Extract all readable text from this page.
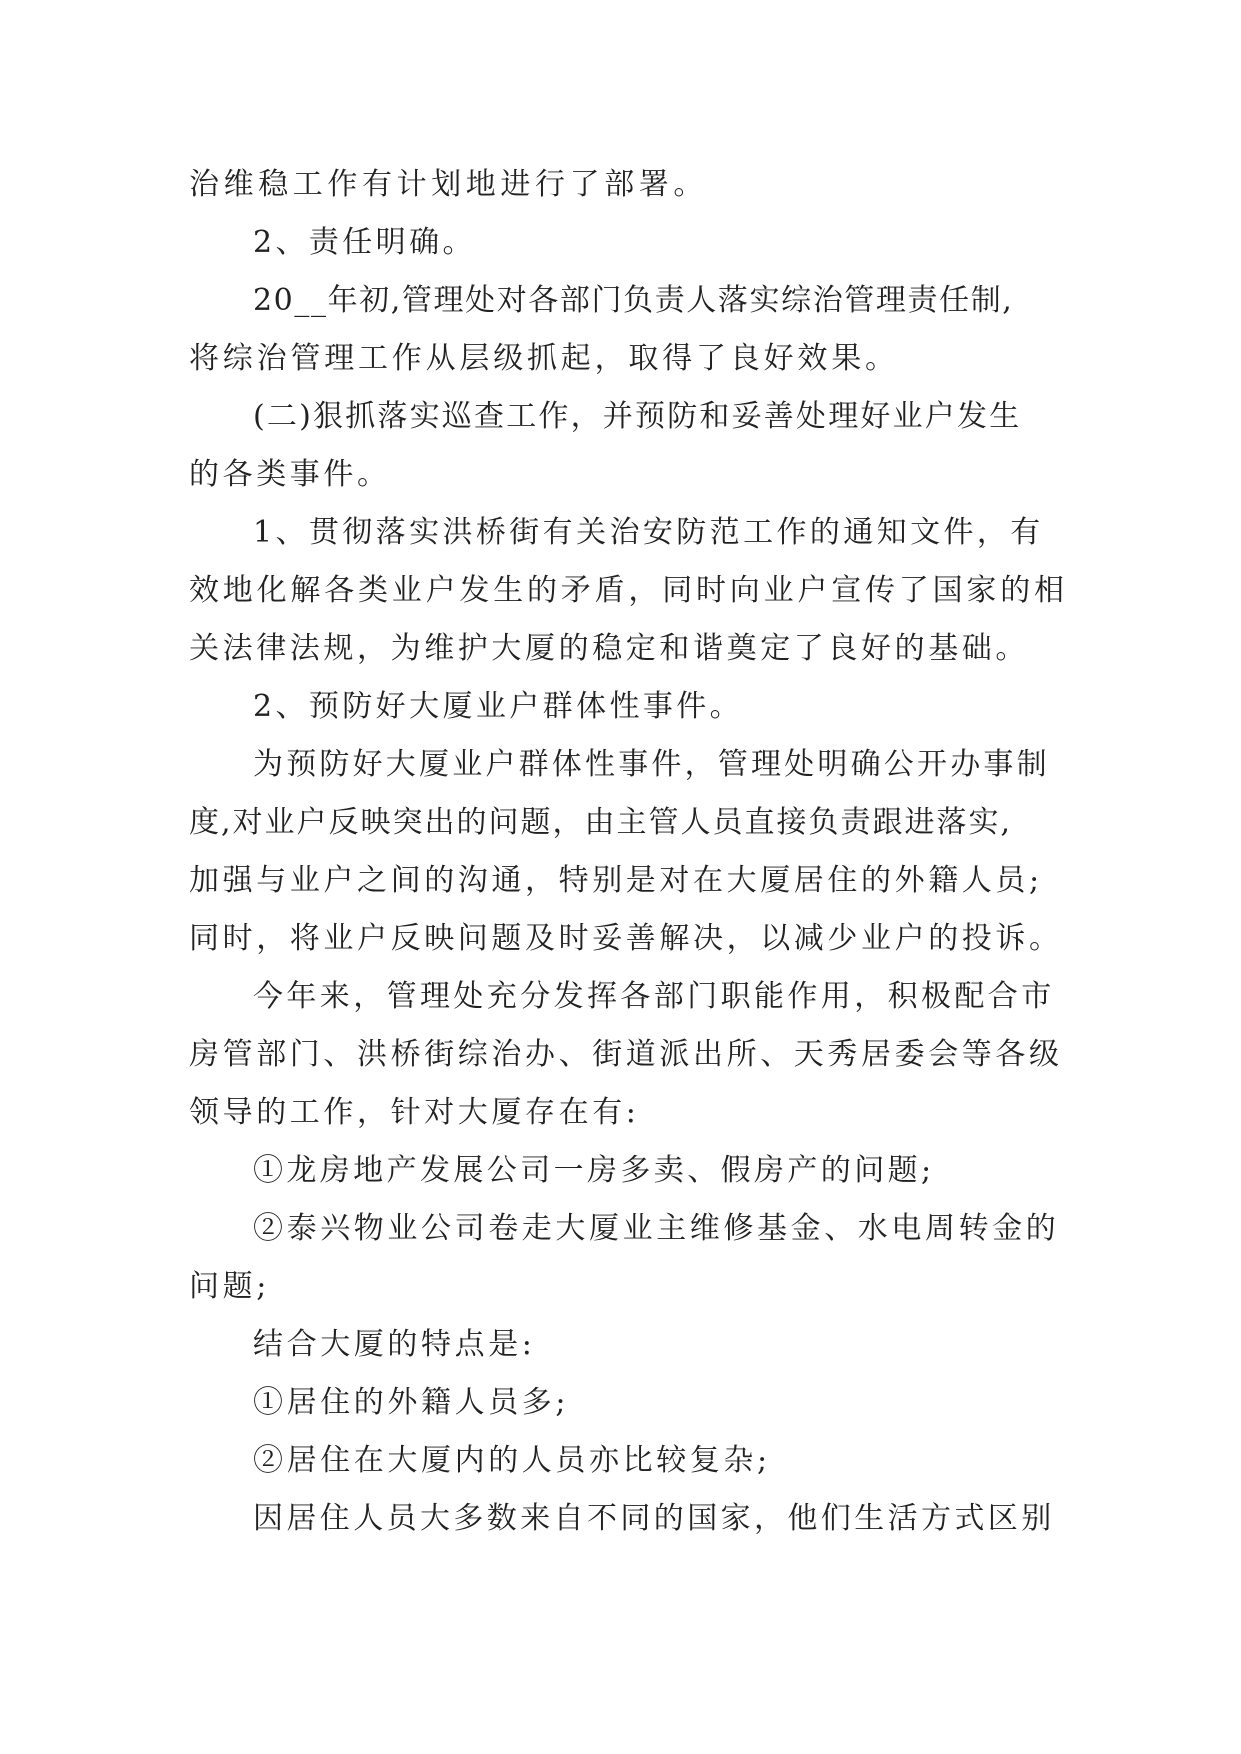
治维稳工作有计划地进行了部署。
2、责任明确。
20__年初,管理处对各部门负责人落实综治管理责任制,
将综治管理工作从层级抓起，取得了良好效果。
(二)狠抓落实巡查工作，并预防和妥善处理好业户发生
的各类事件。
1、贯彻落实洪桥街有关治安防范工作的通知文件，有
效地化解各类业户发生的矛盾，同时向业户宣传了国家的相
关法律法规，为维护大厦的稳定和谐奠定了良好的基础。
2、预防好大厦业户群体性事件。
为预防好大厦业户群体性事件，管理处明确公开办事制
度,对业户反映突出的问题，由主管人员直接负责跟进落实,
加强与业户之间的沟通，特别是对在大厦居住的外籍人员;
同时，将业户反映问题及时妥善解决，以减少业户的投诉。
今年来，管理处充分发挥各部门职能作用，积极配合市
房管部门、洪桥街综治办、街道派出所、天秀居委会等各级
领导的工作，针对大厦存在有:
①龙房地产发展公司一房多卖、假房产的问题;
②泰兴物业公司卷走大厦业主维修基金、水电周转金的
问题;
结合大厦的特点是:
①居住的外籍人员多;
②居住在大厦内的人员亦比较复杂;
因居住人员大多数来自不同的国家，他们生活方式区别
